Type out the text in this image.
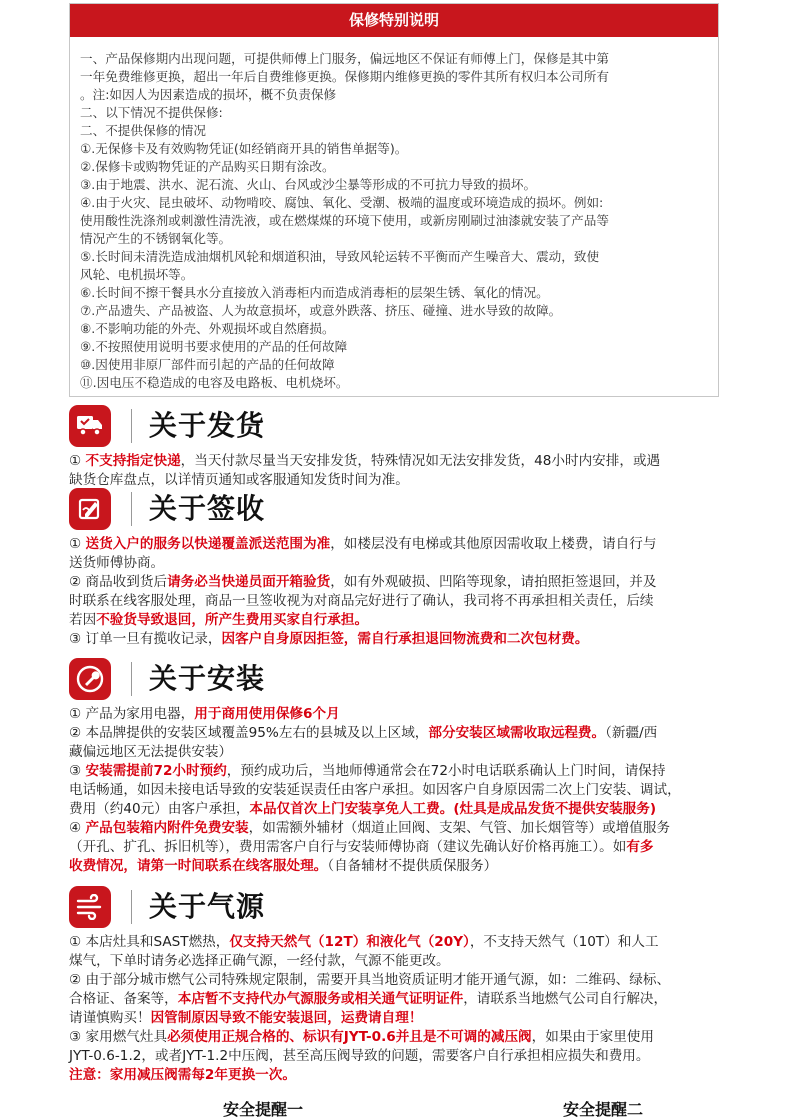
保修特别说明

一、产品保修期内出现问题，可提供师傅上门服务，偏远地区不保证有师傅上门，保修是其中第

一年免费维修更换，超出一年后自费维修更换。保修期内维修更换的零件其所有权归本公司所有

。注:如因人为因素造成的损坏，概不负责保修

二、以下情况不提供保修:

二、不提供保修的情况

①.无保修卡及有效购物凭证(如经销商开具的销售单据等)。

②.保修卡或购物凭证的产品购买日期有涂改。

③.由于地震、洪水、泥石流、火山、台风或沙尘暴等形成的不可抗力导致的损坏。

④.由于火灾、昆虫破坏、动物啃咬、腐蚀、氧化、受潮、极端的温度或环境造成的损坏。例如:

使用酸性洗涤剂或刺激性清洗液，或在燃煤煤的环境下使用，或新房刚刷过油漆就安装了产品等

情况产生的不锈钢氧化等。

⑤.长时间未清洗造成油烟机风轮和烟道积油，导致风轮运转不平衡而产生噪音大、震动，致使

风轮、电机损坏等。

⑥.长时间不擦干餐具水分直接放入消毒柜内而造成消毒柜的层架生锈、氧化的情况。

⑦.产品遗失、产品被盗、人为故意损坏，或意外跌落、挤压、碰撞、进水导致的故障。

⑧.不影响功能的外壳、外观损坏或自然磨损。

⑨.不按照使用说明书要求使用的产品的任何故障

⑩.因使用非原厂部件而引起的产品的任何故障

⑪.因电压不稳造成的电容及电路板、电机烧坏。

关于发货

① 不支持指定快递，当天付款尽量当天安排发货，特殊情况如无法安排发货，48小时内安排，或遇

缺货仓库盘点，以详情页通知或客服通知发货时间为准。

关于签收

① 送货入户的服务以快递覆盖派送范围为准，如楼层没有电梯或其他原因需收取上楼费，请自行与

送货师傅协商。

② 商品收到货后请务必当快递员面开箱验货，如有外观破损、凹陷等现象，请拍照拒签退回，并及

时联系在线客服处理，商品一旦签收视为对商品完好进行了确认，我司将不再承担相关责任，后续

若因不验货导致退回，所产生费用买家自行承担。

③ 订单一旦有揽收记录，因客户自身原因拒签，需自行承担退回物流费和二次包材费。

关于安装

① 产品为家用电器，用于商用使用保修6个月

② 本品牌提供的安装区域覆盖95%左右的县城及以上区域，部分安装区域需收取远程费。（新疆/西

藏偏远地区无法提供安装）

③ 安装需提前72小时预约，预约成功后，当地师傅通常会在72小时电话联系确认上门时间，请保持

电话畅通，如因未接电话导致的安装延误责任由客户承担。如因客户自身原因需二次上门安装、调试，

费用（约40元）由客户承担，本品仅首次上门安装享免人工费。(灶具是成品发货不提供安装服务)

④ 产品包装箱内附件免费安装，如需额外辅材（烟道止回阀、支架、气管、加长烟管等）或增值服务

（开孔、扩孔、拆旧机等），费用需客户自行与安装师傅协商（建议先确认好价格再施工）。如有多

收费情况，请第一时间联系在线客服处理。（自备辅材不提供质保服务）

关于气源

① 本店灶具和SAST燃热，仅支持天然气（12T）和液化气（20Y），不支持天然气（10T）和人工

煤气，下单时请务必选择正确气源，一经付款，气源不能更改。

② 由于部分城市燃气公司特殊规定限制，需要开具当地资质证明才能开通气源，如：二维码、绿标、

合格证、备案等，本店暂不支持代办气源服务或相关通气证明证件，请联系当地燃气公司自行解决，

请谨慎购买！因管制原因导致不能安装退回，运费请自理！

③ 家用燃气灶具必须使用正规合格的、标识有JYT-0.6并且是不可调的减压阀，如果由于家里使用

JYT-0.6-1.2，或者JYT-1.2中压阀，甚至高压阀导致的问题，需要客户自行承担相应损失和费用。

注意：家用减压阀需每2年更换一次。

安全提醒一	安全提醒二
